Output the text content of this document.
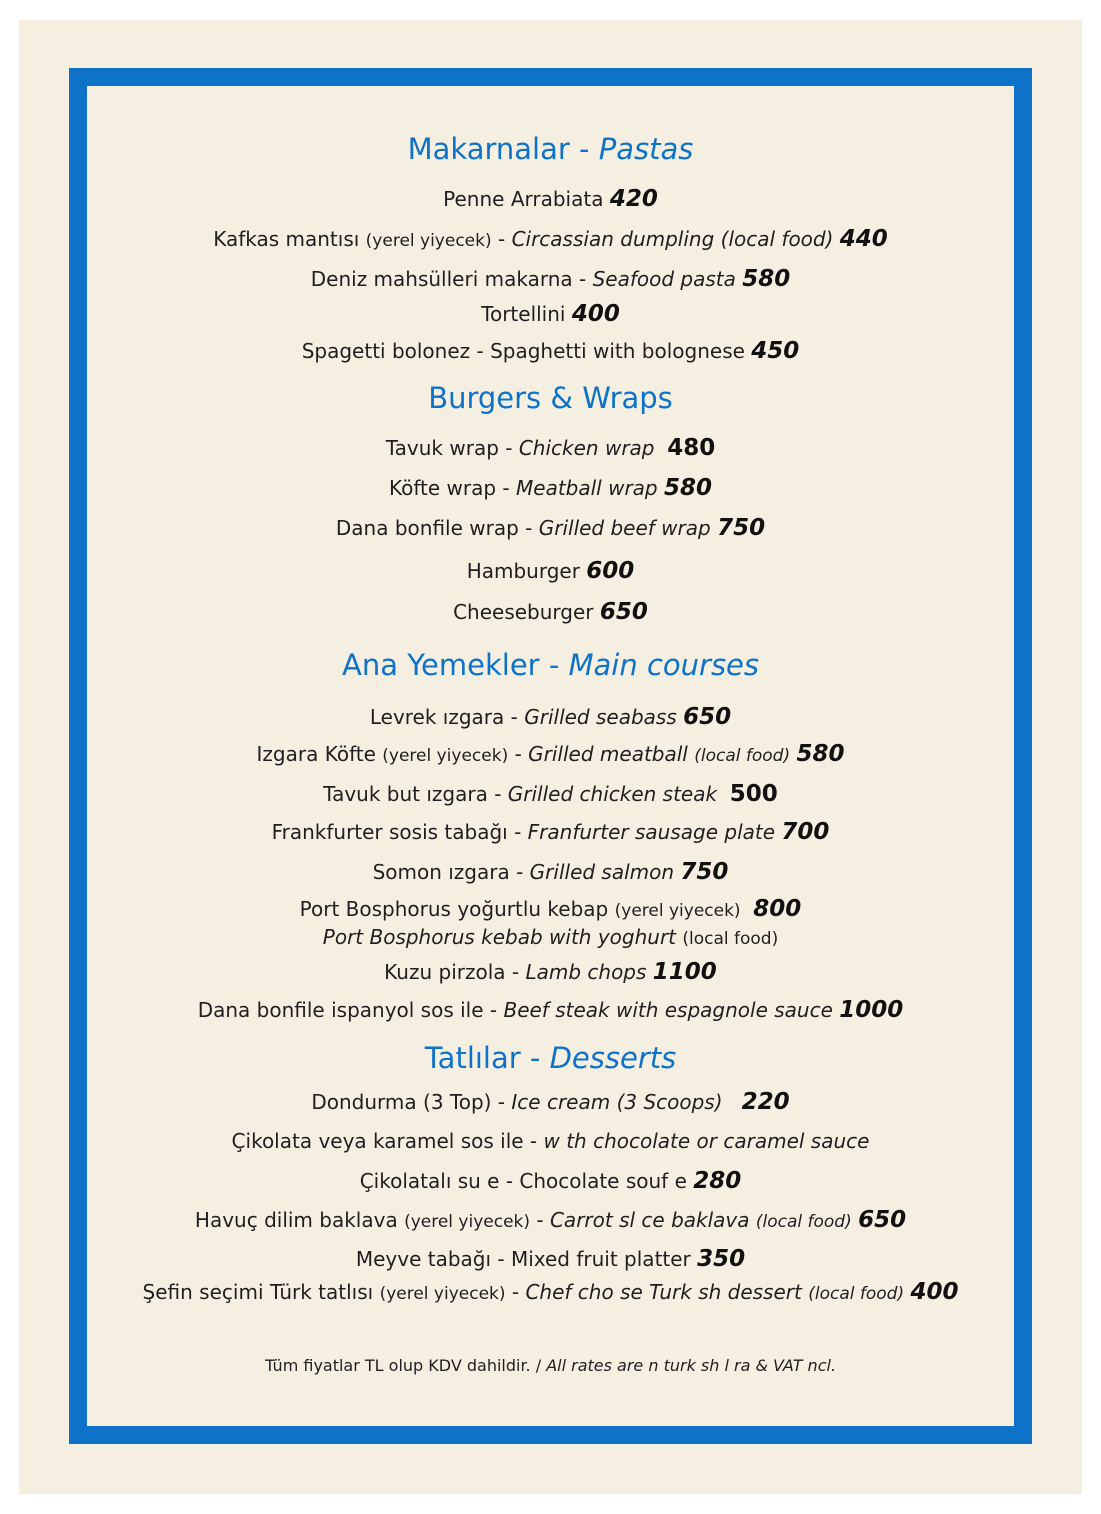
Makarnalar - Pastas
Penne Arrabiata 420
Kafkas mantısı (yerel yiyecek) - Circassian dumpling (local food) 440
Deniz mahsülleri makarna - Seafood pasta 580
Tortellini 400
Spagetti bolonez - Spaghetti with bolognese 450
Burgers & Wraps
Tavuk wrap - Chicken wrap 480
Köfte wrap - Meatball wrap 580
Dana bonfile wrap - Grilled beef wrap 750
Hamburger 600
Cheeseburger 650
Ana Yemekler - Main courses
Levrek ızgara - Grilled seabass 650
Izgara Köfte (yerel yiyecek) - Grilled meatball (local food) 580
Tavuk but ızgara - Grilled chicken steak 500
Frankfurter sosis tabağı - Franfurter sausage plate 700
Somon ızgara - Grilled salmon 750
Port Bosphorus yoğurtlu kebap (yerel yiyecek) 800
Port Bosphorus kebab with yoghurt (local food)
Kuzu pirzola - Lamb chops 1100
Dana bonfile ispanyol sos ile - Beef steak with espagnole sauce 1000
Tatlılar - Desserts
Dondurma (3 Top) - Ice cream (3 Scoops) 220
Çikolata veya karamel sos ile - w th chocolate or caramel sauce
Çikolatalı su e - Chocolate souf e 280
Havuç dilim baklava (yerel yiyecek) - Carrot sl ce baklava (local food) 650
Meyve tabağı - Mixed fruit platter 350
Şefin seçimi Türk tatlısı (yerel yiyecek) - Chef cho se Turk sh dessert (local food) 400
Tüm fiyatlar TL olup KDV dahildir. / All rates are n turk sh l ra & VAT ncl.
